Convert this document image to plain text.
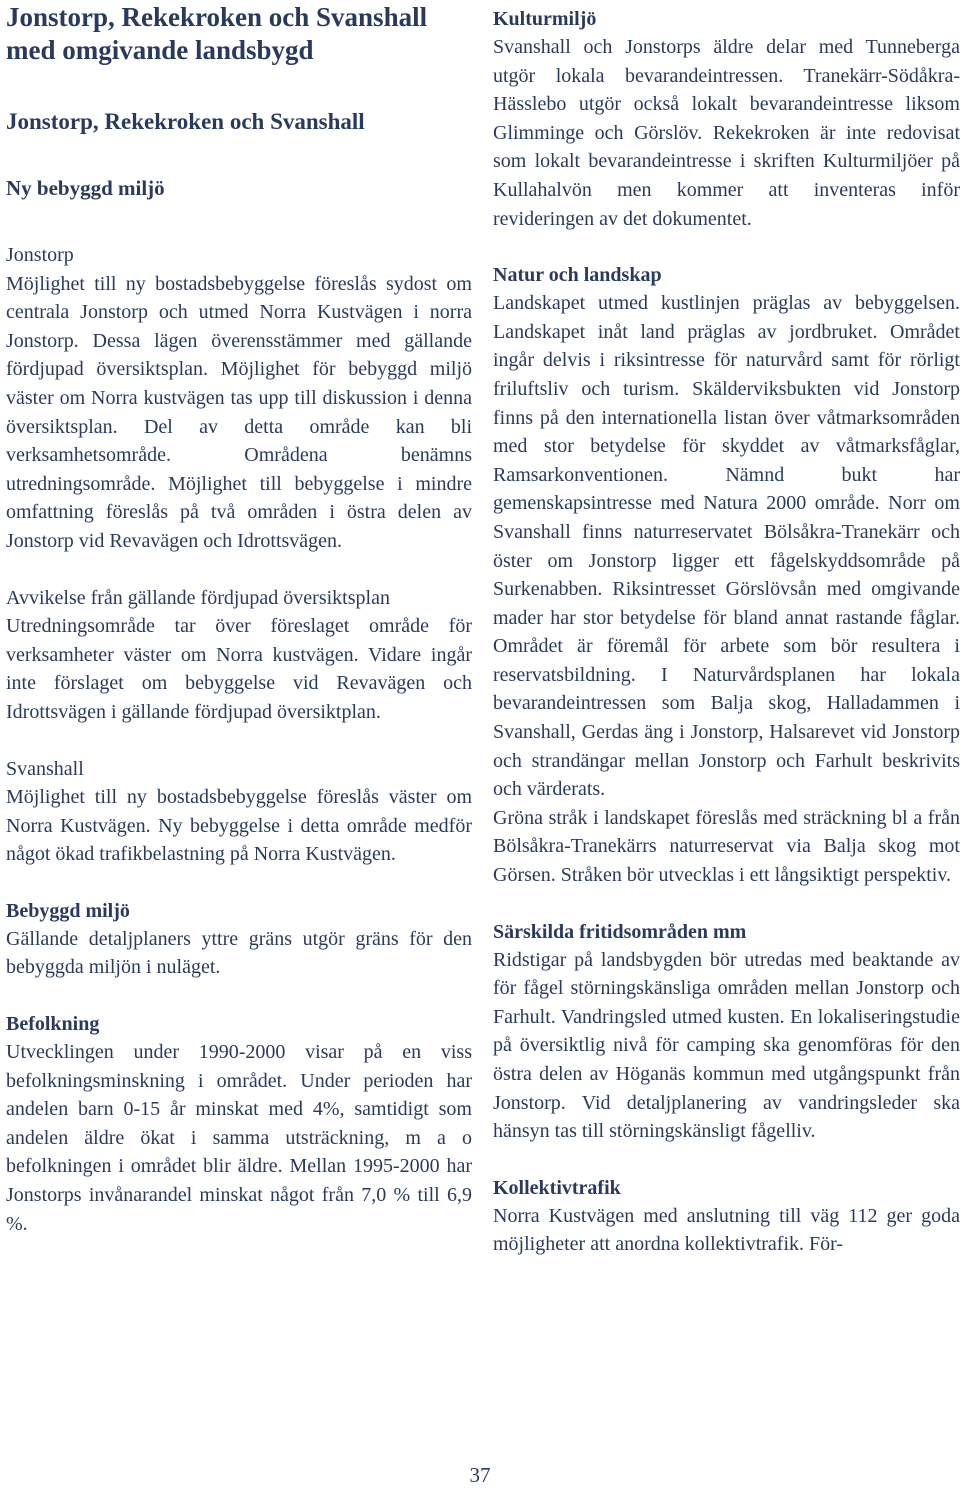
Jonstorp, Rekekroken och Svanshall med omgivande landsbygd
Jonstorp, Rekekroken och Svanshall
Ny bebyggd miljö
Jonstorp

Möjlighet till ny bostadsbebyggelse föreslås sydost om centrala Jonstorp och utmed Norra Kustvägen i norra Jonstorp. Dessa lägen överensstämmer med gällande fördjupad översiktsplan. Möjlighet för bebyggd miljö väster om Norra kustvägen tas upp till diskussion i denna översiktsplan. Del av detta område kan bli verksamhetsområde. Områdena benämns utredningsområde. Möjlighet till bebyggelse i mindre omfattning föreslås på två områden i östra delen av Jonstorp vid Revavägen och Idrottsvägen.

Avvikelse från gällande fördjupad översiktsplan

Utredningsområde tar över föreslaget område för verksamheter väster om Norra kustvägen. Vidare ingår inte förslaget om bebyggelse vid Revavägen och Idrottsvägen i gällande fördjupad översiktplan.

Svanshall

Möjlighet till ny bostadsbebyggelse föreslås väster om Norra Kustvägen. Ny bebyggelse i detta område medför något ökad trafikbelastning på Norra Kustvägen.

Bebyggd miljö

Gällande detaljplaners yttre gräns utgör gräns för den bebyggda miljön i nuläget.

Befolkning

Utvecklingen under 1990-2000 visar på en viss befolkningsminskning i området. Under perioden har andelen barn 0-15 år minskat med 4%, samtidigt som andelen äldre ökat i samma utsträckning, m a o befolkningen i området blir äldre. Mellan 1995-2000 har Jonstorps invånarandel minskat något från 7,0 % till 6,9 %.

Kulturmiljö

Svanshall och Jonstorps äldre delar med Tunneberga utgör lokala bevarandeintressen. Tranekärr-Södåkra-Hässlebo utgör också lokalt bevarandeintresse liksom Glimminge och Görslöv. Rekekroken är inte redovisat som lokalt bevarandeintresse i skriften Kulturmiljöer på Kullahalvön men kommer att inventeras inför revideringen av det dokumentet.

Natur och landskap

Landskapet utmed kustlinjen präglas av bebyggelsen. Landskapet inåt land präglas av jordbruket. Området ingår delvis i riksintresse för naturvård samt för rörligt friluftsliv och turism. Skälderviksbukten vid Jonstorp finns på den internationella listan över våtmarksområden med stor betydelse för skyddet av våtmarksfåglar, Ramsarkonventionen. Nämnd bukt har gemenskapsintresse med Natura 2000 område. Norr om Svanshall finns naturreservatet Bölsåkra-Tranekärr och öster om Jonstorp ligger ett fågelskyddsområde på Surkenabben. Riksintresset Görslövsån med omgivande mader har stor betydelse för bland annat rastande fåglar. Området är föremål för arbete som bör resultera i reservatsbildning. I Naturvårdsplanen har lokala bevarandeintressen som Balja skog, Halladammen i Svanshall, Gerdas äng i Jonstorp, Halsarevet vid Jonstorp och strandängar mellan Jonstorp och Farhult beskrivits och värderats.

Gröna stråk i landskapet föreslås med sträckning bl a från Bölsåkra-Tranekärrs naturreservat via Balja skog mot Görsen. Stråken bör utvecklas i ett långsiktigt perspektiv.

Särskilda fritidsområden mm

Ridstigar på landsbygden bör utredas med beaktande av för fågel störningskänsliga områden mellan Jonstorp och Farhult. Vandringsled utmed kusten. En lokaliseringstudie på översiktlig nivå för camping ska genomföras för den östra delen av Höganäs kommun med utgångspunkt från Jonstorp. Vid detaljplanering av vandringsleder ska hänsyn tas till störningskänsligt fågelliv.

Kollektivtrafik

Norra Kustvägen med anslutning till väg 112 ger goda möjligheter att anordna kollektivtrafik. För-

37
